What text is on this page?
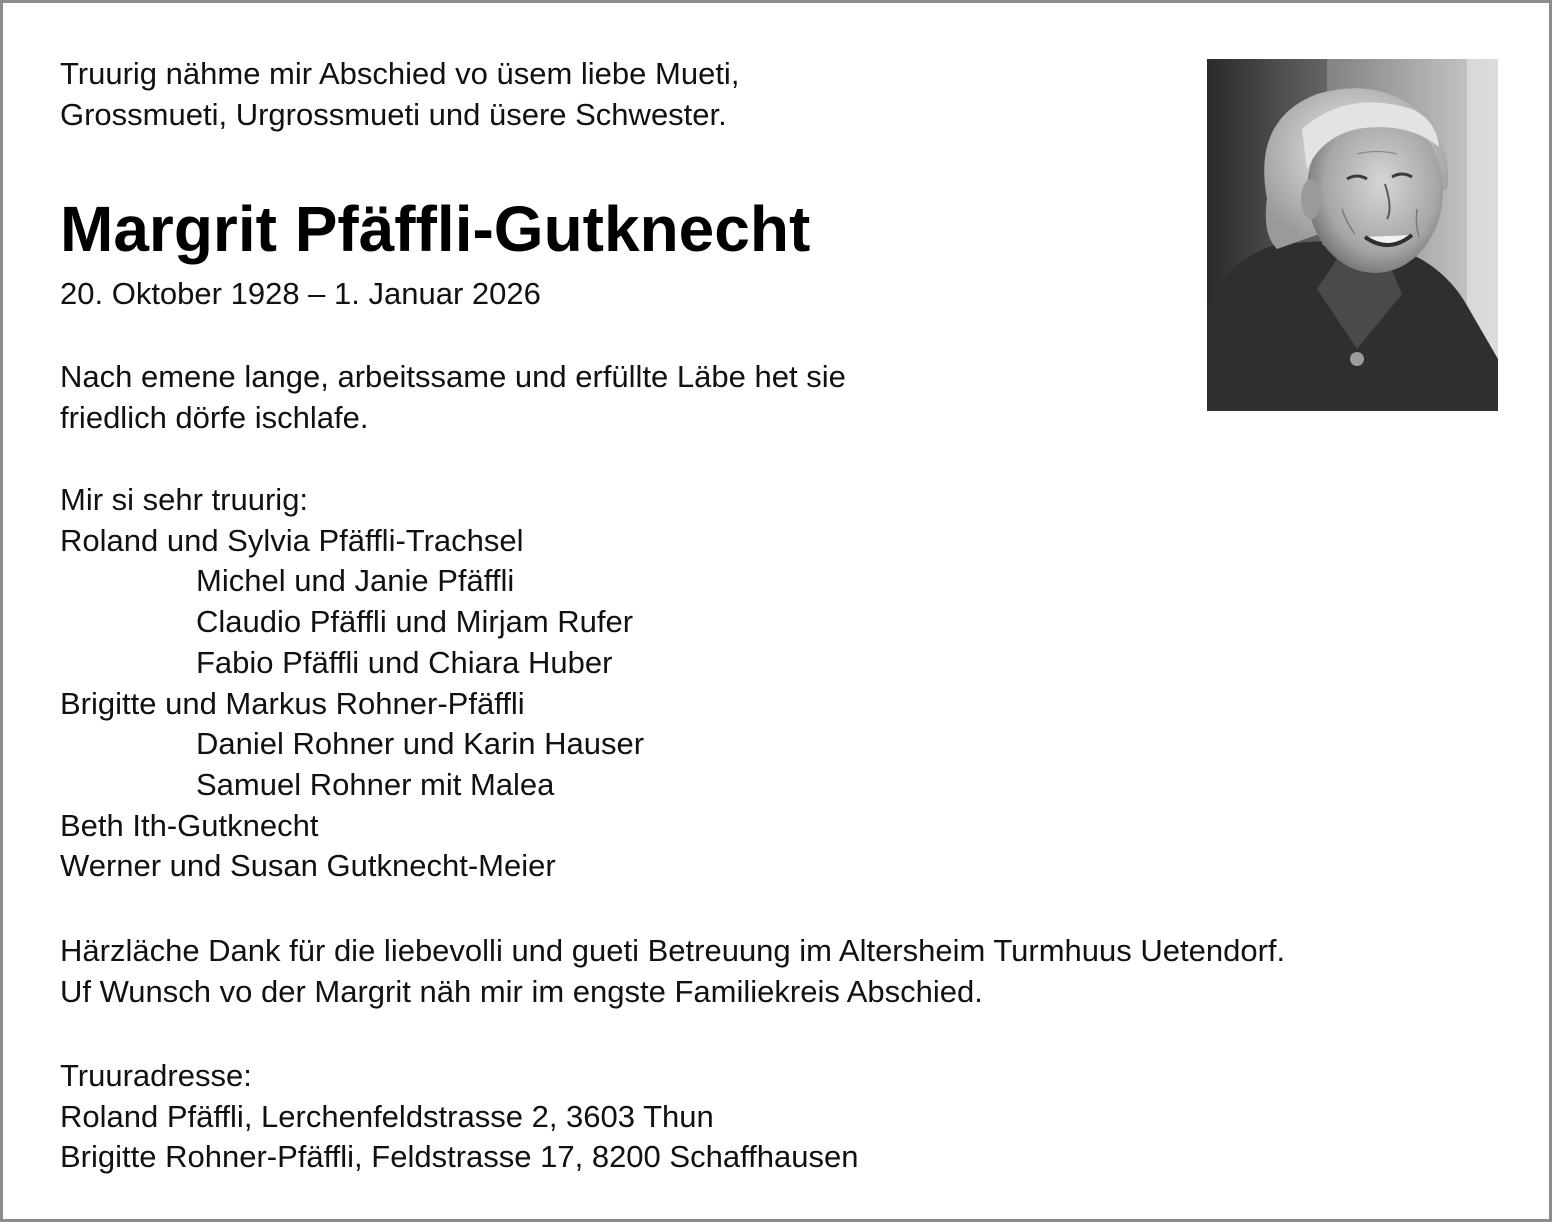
Truurig nähme mir Abschied vo üsem liebe Mueti,
Grossmueti, Urgrossmueti und üsere Schwester.

Margrit Pfäffli-Gutknecht

20. Oktober 1928 – 1. Januar 2026

Nach emene lange, arbeitssame und erfüllte Läbe het sie
friedlich dörfe ischlafe.

Mir si sehr truurig:
Roland und Sylvia Pfäffli-Trachsel
Michel und Janie Pfäffli
Claudio Pfäffli und Mirjam Rufer
Fabio Pfäffli und Chiara Huber
Brigitte und Markus Rohner-Pfäffli
Daniel Rohner und Karin Hauser
Samuel Rohner mit Malea
Beth Ith-Gutknecht
Werner und Susan Gutknecht-Meier

Härzläche Dank für die liebevolli und gueti Betreuung im Altersheim Turmhuus Uetendorf.
Uf Wunsch vo der Margrit näh mir im engste Familiekreis Abschied.

Truuradresse:
Roland Pfäffli, Lerchenfeldstrasse 2, 3603 Thun
Brigitte Rohner-Pfäffli, Feldstrasse 17, 8200 Schaffhausen
